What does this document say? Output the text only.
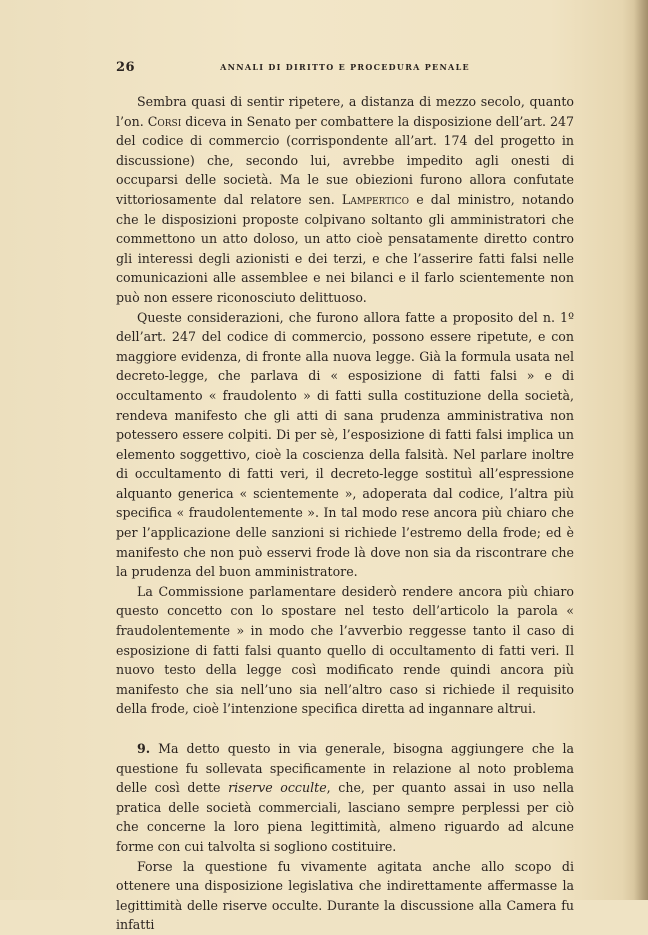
26	ANNALI DI DIRITTO E PROCEDURA PENALE

Sembra quasi di sentir ripetere, a distanza di mezzo secolo, quanto l’on. Corsi diceva in Senato per combattere la disposizione dell’art. 247 del codice di commercio (corrispondente all’art. 174 del progetto in discussione) che, secondo lui, avrebbe impedito agli onesti di occuparsi delle società. Ma le sue obiezioni furono allora confutate vittoriosamente dal relatore sen. Lampertico e dal ministro, notando che le disposizioni proposte colpivano soltanto gli amministratori che commettono un atto doloso, un atto cioè pensatamente diretto contro gli interessi degli azionisti e dei terzi, e che l’asserire fatti falsi nelle comunicazioni alle assemblee e nei bilanci e il farlo scientemente non può non essere riconosciuto delittuoso.

Queste considerazioni, che furono allora fatte a proposito del n. 1º dell’art. 247 del codice di commercio, possono essere ripetute, e con maggiore evidenza, di fronte alla nuova legge. Già la formula usata nel decreto-legge, che parlava di « esposizione di fatti falsi » e di occultamento « fraudolento » di fatti sulla costituzione della società, rendeva manifesto che gli atti di sana prudenza amministrativa non potessero essere colpiti. Di per sè, l’esposizione di fatti falsi implica un elemento soggettivo, cioè la coscienza della falsità. Nel parlare inoltre di occultamento di fatti veri, il decreto-legge sostituì all’espressione alquanto generica « scientemente », adoperata dal codice, l’altra più specifica « fraudolentemente ». In tal modo rese ancora più chiaro che per l’applicazione delle sanzioni si richiede l’estremo della frode; ed è manifesto che non può esservi frode là dove non sia da riscontrare che la prudenza del buon amministratore.

La Commissione parlamentare desiderò rendere ancora più chiaro questo concetto con lo spostare nel testo dell’articolo la parola « fraudolentemente » in modo che l’avverbio reggesse tanto il caso di esposizione di fatti falsi quanto quello di occultamento di fatti veri. Il nuovo testo della legge così modificato rende quindi ancora più manifesto che sia nell’uno sia nell’altro caso si richiede il requisito della frode, cioè l’intenzione specifica diretta ad ingannare altrui.

9. Ma detto questo in via generale, bisogna aggiungere che la questione fu sollevata specificamente in relazione al noto problema delle così dette riserve occulte, che, per quanto assai in uso nella pratica delle società commerciali, lasciano sempre perplessi per ciò che concerne la loro piena legittimità, almeno riguardo ad alcune forme con cui talvolta si sogliono costituire.

Forse la questione fu vivamente agitata anche allo scopo di ottenere una disposizione legislativa che indirettamente affermasse la legittimità delle riserve occulte. Durante la discussione alla Camera fu infatti
